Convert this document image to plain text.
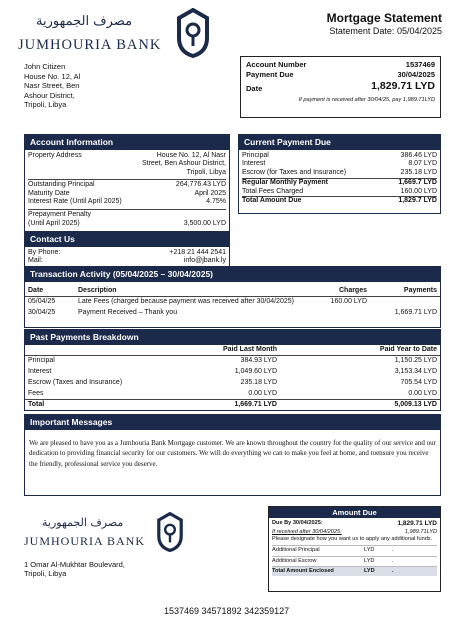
مصرف الجمهورية
JUMHOURIA BANK
Mortgage Statement
Statement Date: 05/04/2025
John Citizen
House No. 12, Al
Nasr Street, Ben
Ashour District,
Tripoli, Libya
Account Number	1537469
Payment Due	30/04/2025
Date	1,829.71 LYD
If payment is received after 30/04/25, pay 1,989.71LYD
Account Information
Property Address	House No. 12, Al Nasr
Street, Ben Ashour District,
Tripoli, Libya
Outstanding Principal	264,776.43 LYD
Maturity Date	April 2025
Interest Rate (Until April 2025)	4.75%
Prepayment Penalty
(Until April 2025)	3,500.00 LYD
Contact Us
By Phone:	+218 21 444 2541
Mail:	info@jbank.ly
Current Payment Due
Principal	386.46 LYD
Interest	8.07 LYD
Escrow (for Taxes and Insurance)	235.18 LYD
Regular Monthly Payment	1,669.7 LYD
Total Fees Charged	160.00 LYD
Total Amount Due	1,829.7 LYD
Transaction Activity (05/04/2025 – 30/04/2025)
Date	Description	Charges	Payments
05/04/25	Late Fees (charged because payment was received after 30/04/2025)	160.00 LYD	
30/04/25	Payment Received – Thank you		1,669.71 LYD
Past Payments Breakdown
	Paid Last Month	Paid Year to Date
Principal	384.93 LYD	1,150.25 LYD
Interest	1,049.60 LYD	3,153.34 LYD
Escrow (Taxes and Insurance)	235.18 LYD	705.54 LYD
Fees	0.00 LYD	0.00 LYD
Total	1,669.71 LYD	5,009.13 LYD
Important Messages
We are pleased to have you as a Jumhouria Bank Mortgage customer. We are known throughout the country for the quality of our service and our dedication to providing financial security for our customers. We will do everything we can to make you feel at home, and toensure you receive the friendly, professional service you deserve.
مصرف الجمهورية
JUMHOURIA BANK
1 Omar Al-Mukhtar Boulevard,
Tripoli, Libya
Amount Due
Due By 30/04/2025:	1,829.71 LYD
If received after 30/04/2025:	1,989.71LYD
Please designate how you want us to apply any additional funds.
Additional Principal	LYD	.
Additional Escrow	LYD	.
Total Amount Enclosed	LYD	.
1537469 34571892 342359127
